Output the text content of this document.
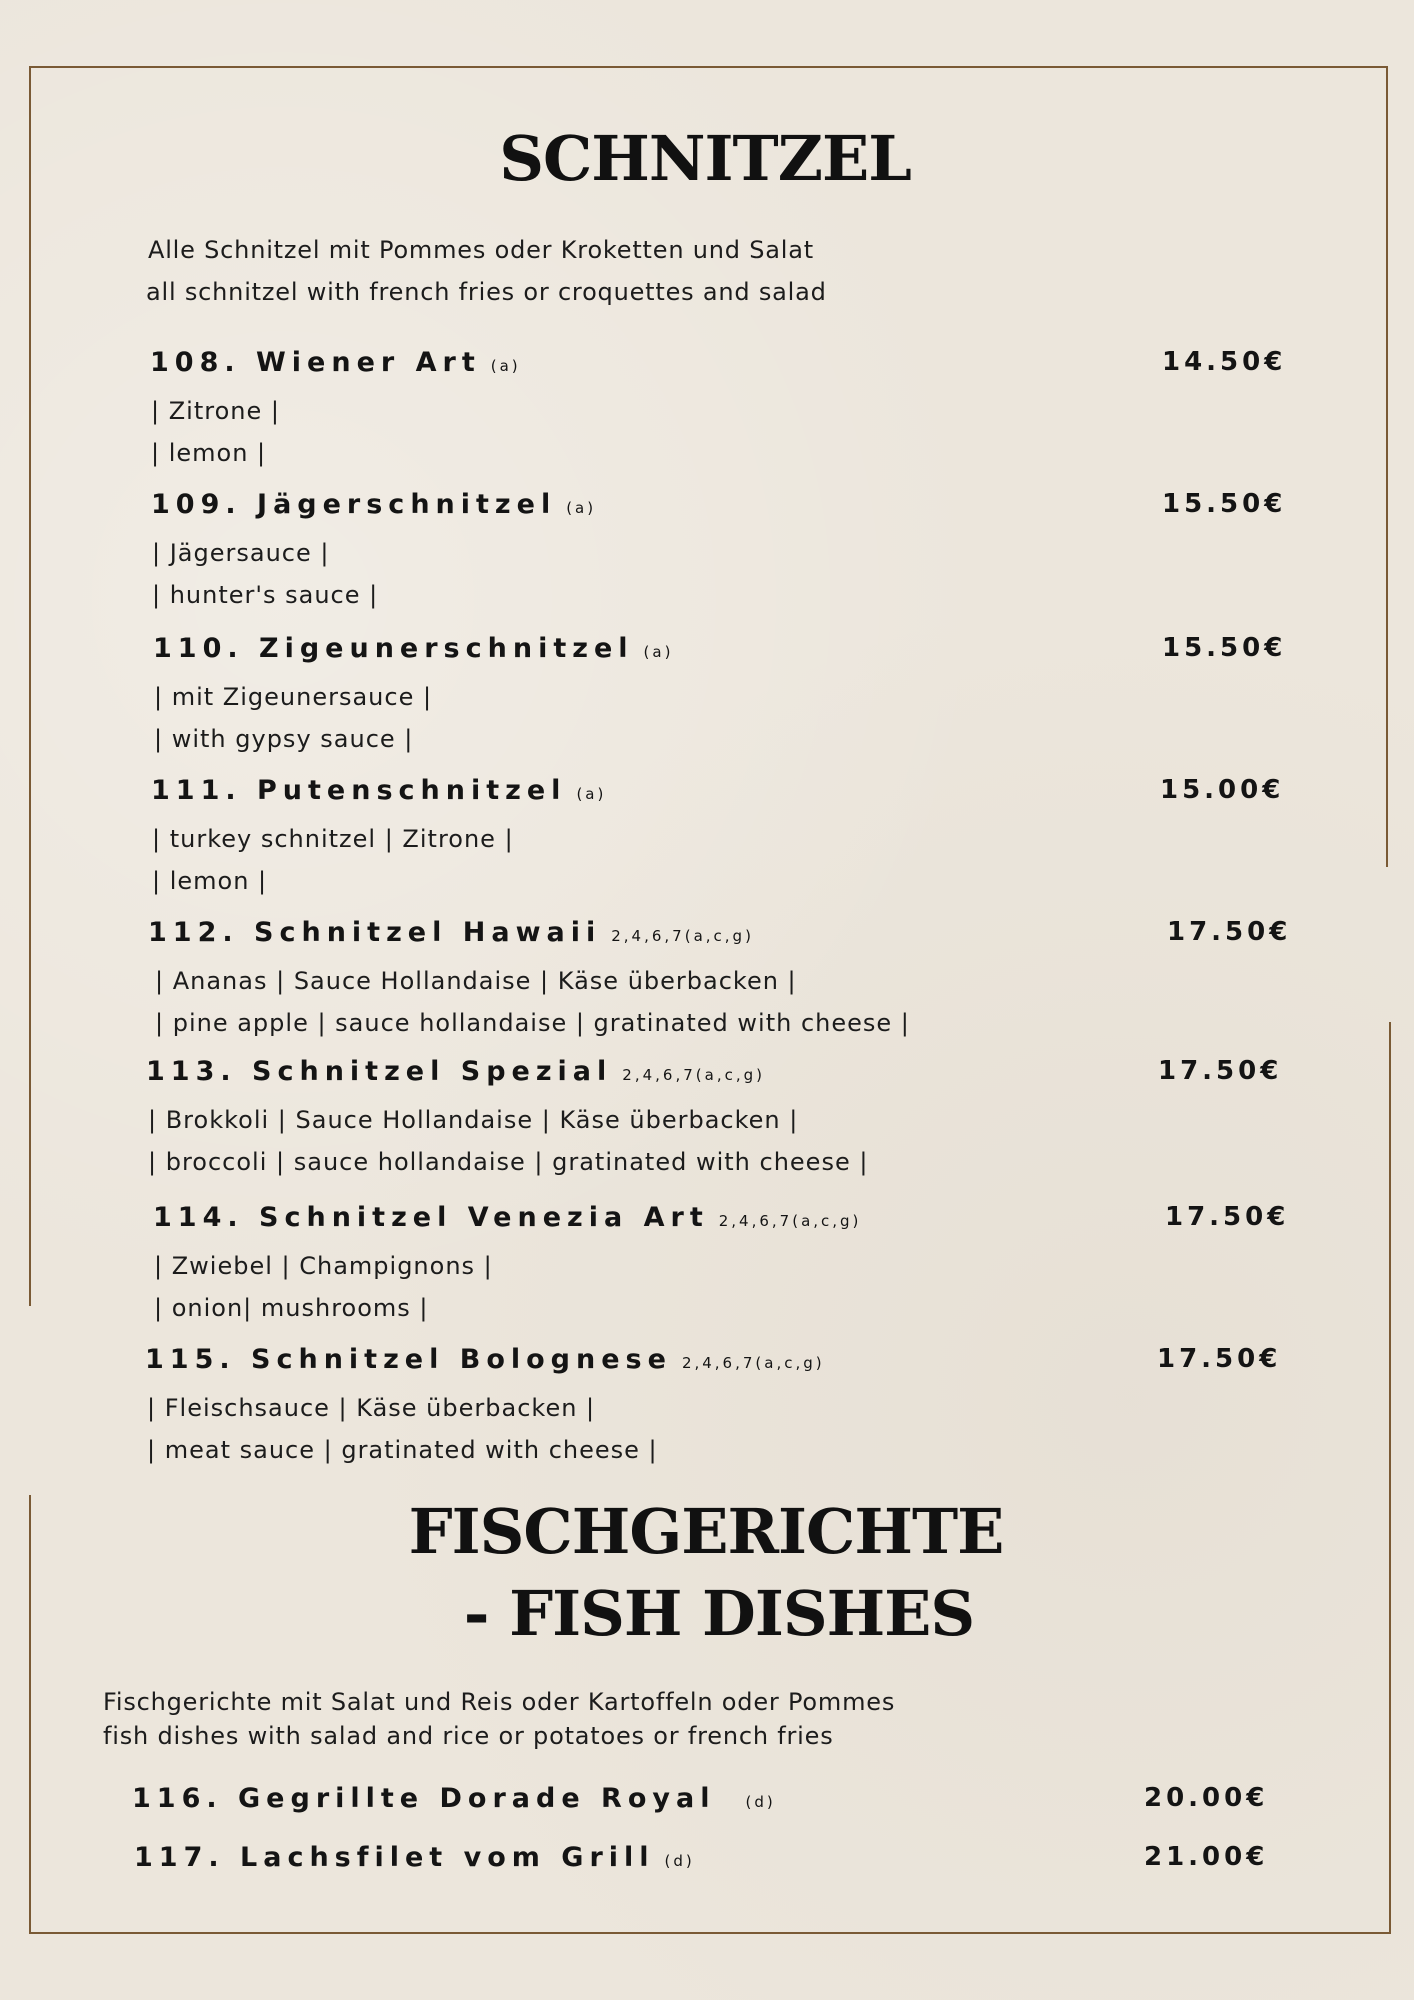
SCHNITZEL
Alle Schnitzel mit Pommes oder Kroketten und Salat
all schnitzel with french fries or croquettes and salad
108. Wiener Art (a)	14.50€
| Zitrone |
| lemon |
109. Jägerschnitzel (a)	15.50€
| Jägersauce |
| hunter's sauce |
110. Zigeunerschnitzel (a)	15.50€
| mit Zigeunersauce |
| with gypsy sauce |
111. Putenschnitzel (a)	15.00€
| turkey schnitzel | Zitrone |
| lemon |
112. Schnitzel Hawaii 2,4,6,7(a,c,g)	17.50€
| Ananas | Sauce Hollandaise | Käse überbacken |
| pine apple | sauce hollandaise | gratinated with cheese |
113. Schnitzel Spezial 2,4,6,7(a,c,g)	17.50€
| Brokkoli | Sauce Hollandaise | Käse überbacken |
| broccoli | sauce hollandaise | gratinated with cheese |
114. Schnitzel Venezia Art 2,4,6,7(a,c,g)	17.50€
| Zwiebel | Champignons |
| onion| mushrooms |
115. Schnitzel Bolognese 2,4,6,7(a,c,g)	17.50€
| Fleischsauce | Käse überbacken |
| meat sauce | gratinated with cheese |
FISCHGERICHTE
- FISH DISHES
Fischgerichte mit Salat und Reis oder Kartoffeln oder Pommes
fish dishes with salad and rice or potatoes or french fries
116. Gegrillte Dorade Royal (d)	20.00€
117. Lachsfilet vom Grill (d)	21.00€
